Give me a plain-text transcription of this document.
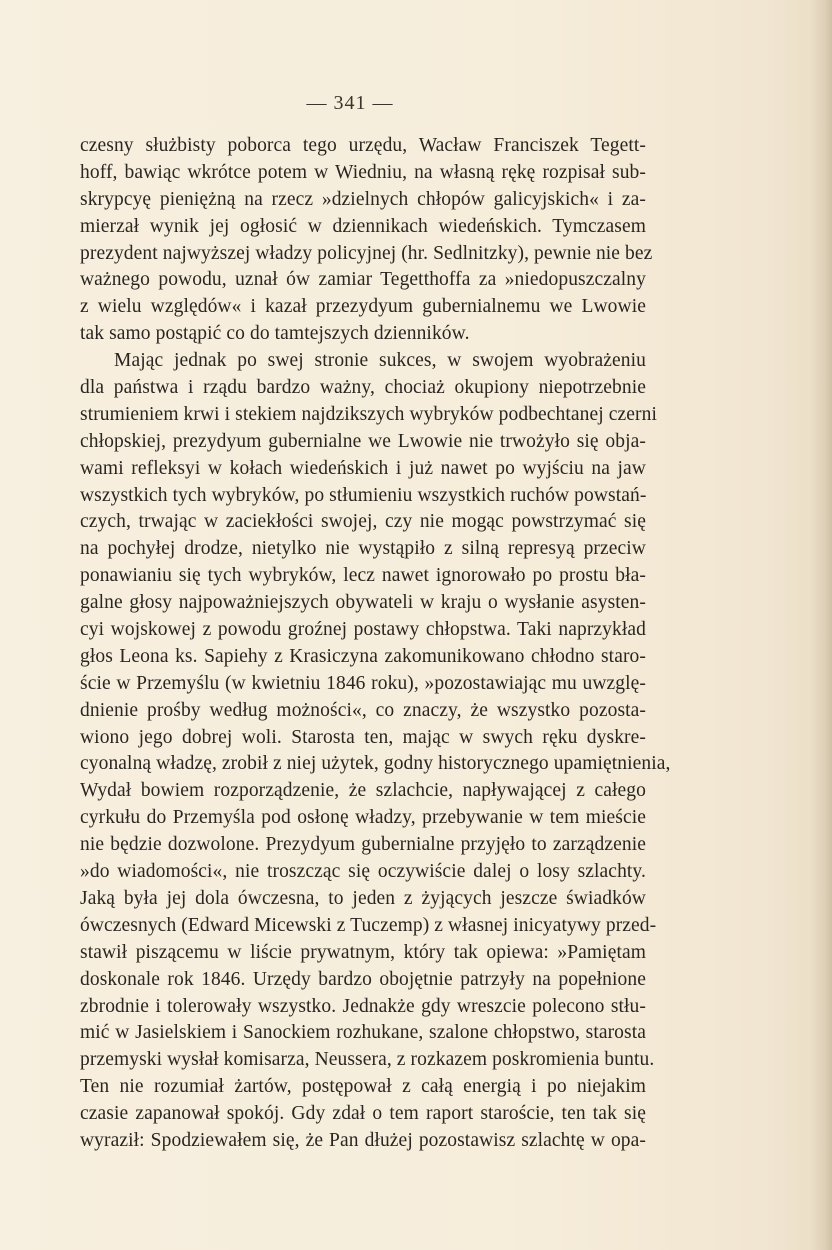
— 341 —
czesny służbisty poborca tego urzędu, Wacław Franciszek Tegett-
hoff, bawiąc wkrótce potem w Wiedniu, na własną rękę rozpisał sub-
skrypcyę pieniężną na rzecz »dzielnych chłopów galicyjskich« i za-
mierzał wynik jej ogłosić w dziennikach wiedeńskich. Tymczasem
prezydent najwyższej władzy policyjnej (hr. Sedlnitzky), pewnie nie bez
ważnego powodu, uznał ów zamiar Tegetthoffa za »niedopuszczalny
z wielu względów« i kazał przezydyum gubernialnemu we Lwowie
tak samo postąpić co do tamtejszych dzienników.
Mając jednak po swej stronie sukces, w swojem wyobrażeniu
dla państwa i rządu bardzo ważny, chociaż okupiony niepotrzebnie
strumieniem krwi i stekiem najdzikszych wybryków podbechtanej czerni
chłopskiej, prezydyum gubernialne we Lwowie nie trwożyło się obja-
wami refleksyi w kołach wiedeńskich i już nawet po wyjściu na jaw
wszystkich tych wybryków, po stłumieniu wszystkich ruchów powstań-
czych, trwając w zaciekłości swojej, czy nie mogąc powstrzymać się
na pochyłej drodze, nietylko nie wystąpiło z silną represyą przeciw
ponawianiu się tych wybryków, lecz nawet ignorowało po prostu bła-
galne głosy najpoważniejszych obywateli w kraju o wysłanie asysten-
cyi wojskowej z powodu groźnej postawy chłopstwa. Taki naprzykład
głos Leona ks. Sapiehy z Krasiczyna zakomunikowano chłodno staro-
ście w Przemyślu (w kwietniu 1846 roku), »pozostawiając mu uwzglę-
dnienie prośby według możności«, co znaczy, że wszystko pozosta-
wiono jego dobrej woli. Starosta ten, mając w swych ręku dyskre-
cyonalną władzę, zrobił z niej użytek, godny historycznego upamiętnienia,
Wydał bowiem rozporządzenie, że szlachcie, napływającej z całego
cyrkułu do Przemyśla pod osłonę władzy, przebywanie w tem mieście
nie będzie dozwolone. Prezydyum gubernialne przyjęło to zarządzenie
»do wiadomości«, nie troszcząc się oczywiście dalej o losy szlachty.
Jaką była jej dola ówczesna, to jeden z żyjących jeszcze świadków
ówczesnych (Edward Micewski z Tuczemp) z własnej inicyatywy przed-
stawił piszącemu w liście prywatnym, który tak opiewa: »Pamiętam
doskonale rok 1846. Urzędy bardzo obojętnie patrzyły na popełnione
zbrodnie i tolerowały wszystko. Jednakże gdy wreszcie polecono stłu-
mić w Jasielskiem i Sanockiem rozhukane, szalone chłopstwo, starosta
przemyski wysłał komisarza, Neussera, z rozkazem poskromienia buntu.
Ten nie rozumiał żartów, postępował z całą energią i po niejakim
czasie zapanował spokój. Gdy zdał o tem raport staroście, ten tak się
wyraził: Spodziewałem się, że Pan dłużej pozostawisz szlachtę w opa-
